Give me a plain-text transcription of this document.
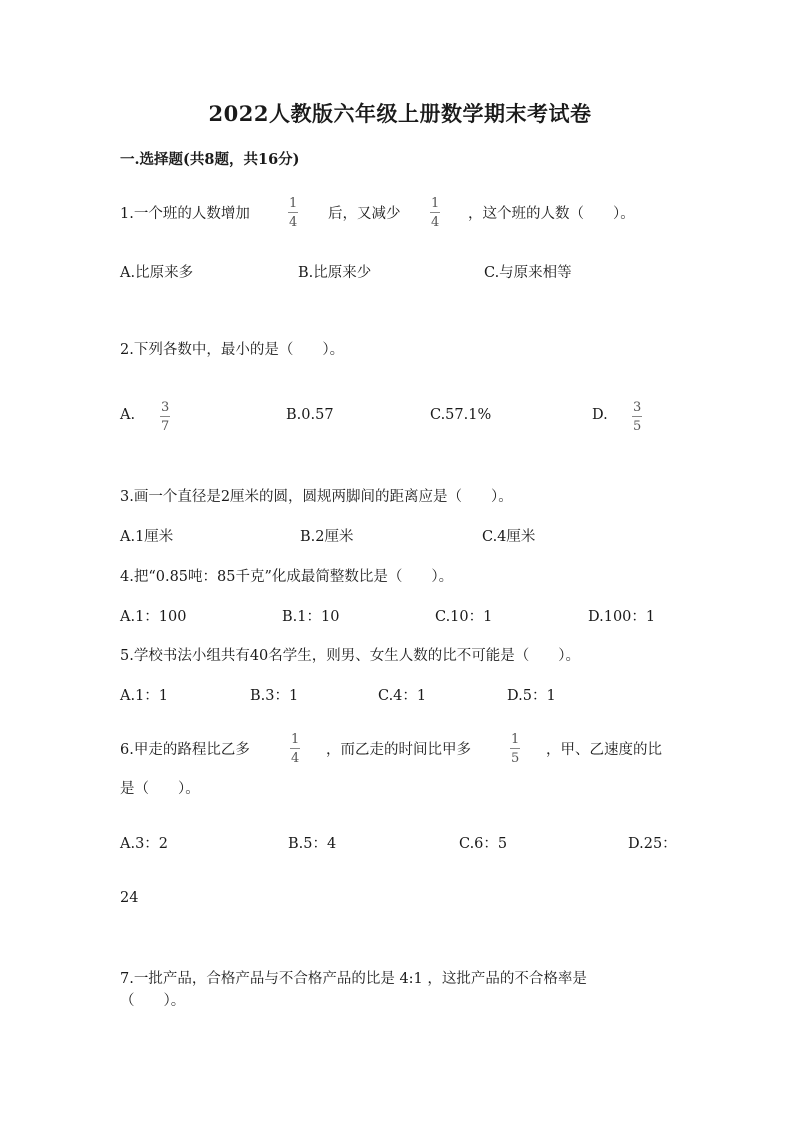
2022人教版六年级上册数学期末考试卷
一.选择题(共8题，共16分)
1.一个班的人数增加
1
4
后，又减少
1
4
，这个班的人数（　　）。
A.比原来多	B.比原来少	C.与原来相等
2.下列各数中，最小的是（　　）。
A. 3
7
B.0.57	C.57.1%	D. 3
5
3.画一个直径是2厘米的圆，圆规两脚间的距离应是（　　）。
A.1厘米	B.2厘米	C.4厘米
4.把“0.85吨：85千克”化成最简整数比是（　　）。
A.1：100	B.1：10	C.10：1	D.100：1
5.学校书法小组共有40名学生，则男、女生人数的比不可能是（　　）。
A.1：1	B.3：1	C.4：1	D.5：1
6.甲走的路程比乙多
1
4
，而乙走的时间比甲多
1
5
，甲、乙速度的比
是（　　）。
A.3：2	B.5：4	C.6：5	D.25：
24
7.一批产品，合格产品与不合格产品的比是 4:1 ，这批产品的不合格率是
（　　）。
